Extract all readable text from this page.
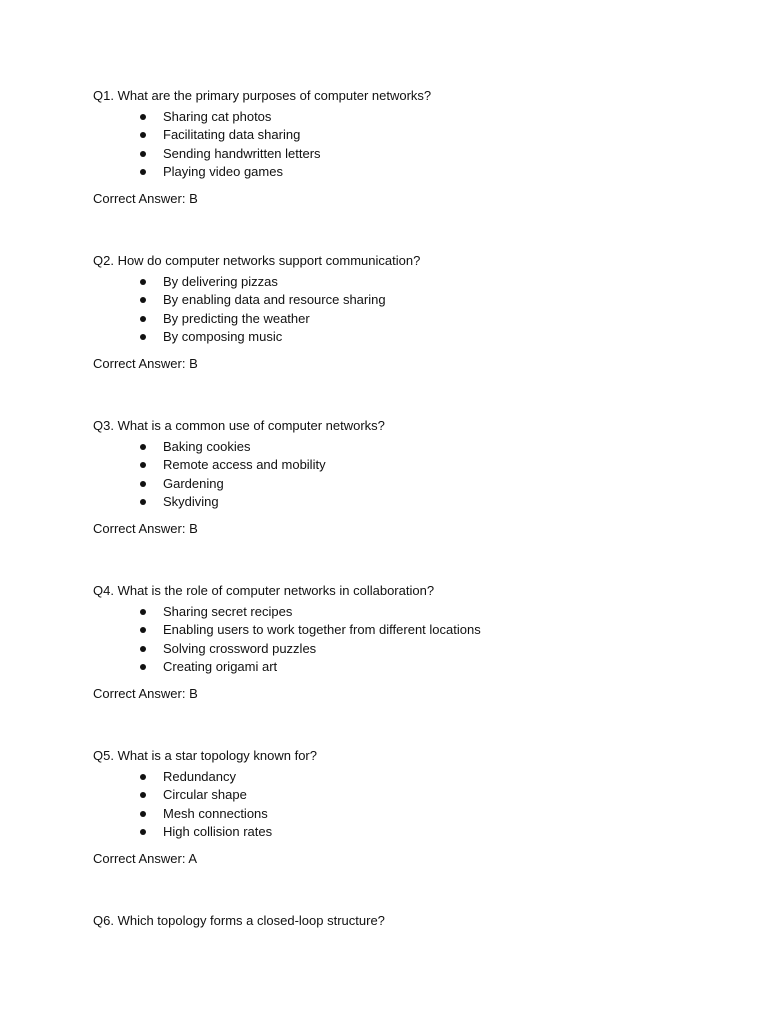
Q1. What are the primary purposes of computer networks?
Sharing cat photos
Facilitating data sharing
Sending handwritten letters
Playing video games
Correct Answer: B
Q2. How do computer networks support communication?
By delivering pizzas
By enabling data and resource sharing
By predicting the weather
By composing music
Correct Answer: B
Q3. What is a common use of computer networks?
Baking cookies
Remote access and mobility
Gardening
Skydiving
Correct Answer: B
Q4. What is the role of computer networks in collaboration?
Sharing secret recipes
Enabling users to work together from different locations
Solving crossword puzzles
Creating origami art
Correct Answer: B
Q5. What is a star topology known for?
Redundancy
Circular shape
Mesh connections
High collision rates
Correct Answer: A
Q6. Which topology forms a closed-loop structure?
